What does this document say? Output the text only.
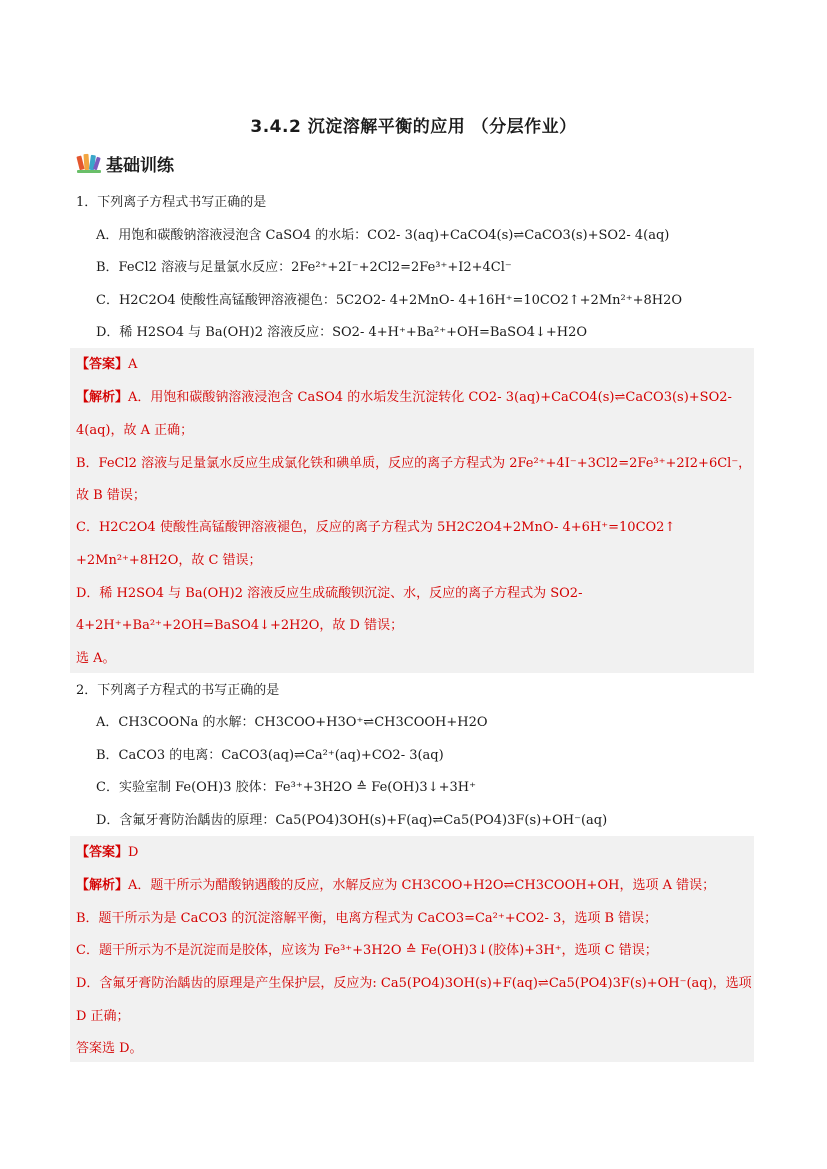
3.4.2 沉淀溶解平衡的应用 （分层作业）
基础训练
1．下列离子方程式书写正确的是
A．用饱和碳酸钠溶液浸泡含 CaSO4 的水垢：CO2- 3(aq)+CaCO4(s)⇌CaCO3(s)+SO2- 4(aq)
B．FeCl2 溶液与足量氯水反应：2Fe²⁺+2I⁻+2Cl2=2Fe³⁺+I2+4Cl⁻
C．H2C2O4 使酸性高锰酸钾溶液褪色：5C2O2- 4+2MnO- 4+16H⁺=10CO2↑+2Mn²⁺+8H2O
D．稀 H2SO4 与 Ba(OH)2 溶液反应：SO2- 4+H⁺+Ba²⁺+OH=BaSO4↓+H2O
【答案】A
【解析】A．用饱和碳酸钠溶液浸泡含 CaSO4 的水垢发生沉淀转化 CO2- 3(aq)+CaCO4(s)⇌CaCO3(s)+SO2-
4(aq)，故 A 正确；
B．FeCl2 溶液与足量氯水反应生成氯化铁和碘单质，反应的离子方程式为 2Fe²⁺+4I⁻+3Cl2=2Fe³⁺+2I2+6Cl⁻，
故 B 错误；
C．H2C2O4 使酸性高锰酸钾溶液褪色，反应的离子方程式为 5H2C2O4+2MnO- 4+6H⁺=10CO2↑
+2Mn²⁺+8H2O，故 C 错误；
D．稀 H2SO4 与 Ba(OH)2 溶液反应生成硫酸钡沉淀、水，反应的离子方程式为 SO2-
4+2H⁺+Ba²⁺+2OH=BaSO4↓+2H2O，故 D 错误；
选 A。
2．下列离子方程式的书写正确的是
A．CH3COONa 的水解：CH3COO+H3O⁺⇌CH3COOH+H2O
B．CaCO3 的电离：CaCO3(aq)⇌Ca²⁺(aq)+CO2- 3(aq)
C．实验室制 Fe(OH)3 胶体：Fe³⁺+3H2O ≙ Fe(OH)3↓+3H⁺
D．含氟牙膏防治龋齿的原理：Ca5(PO4)3OH(s)+F(aq)⇌Ca5(PO4)3F(s)+OH⁻(aq)
【答案】D
【解析】A．题干所示为醋酸钠遇酸的反应，水解反应为 CH3COO+H2O⇌CH3COOH+OH，选项 A 错误；
B．题干所示为是 CaCO3 的沉淀溶解平衡，电离方程式为 CaCO3=Ca²⁺+CO2- 3，选项 B 错误；
C．题干所示为不是沉淀而是胶体，应该为 Fe³⁺+3H2O ≙ Fe(OH)3↓(胶体)+3H⁺，选项 C 错误；
D．含氟牙膏防治龋齿的原理是产生保护层，反应为: Ca5(PO4)3OH(s)+F(aq)⇌Ca5(PO4)3F(s)+OH⁻(aq)，选项
D 正确；
答案选 D。
